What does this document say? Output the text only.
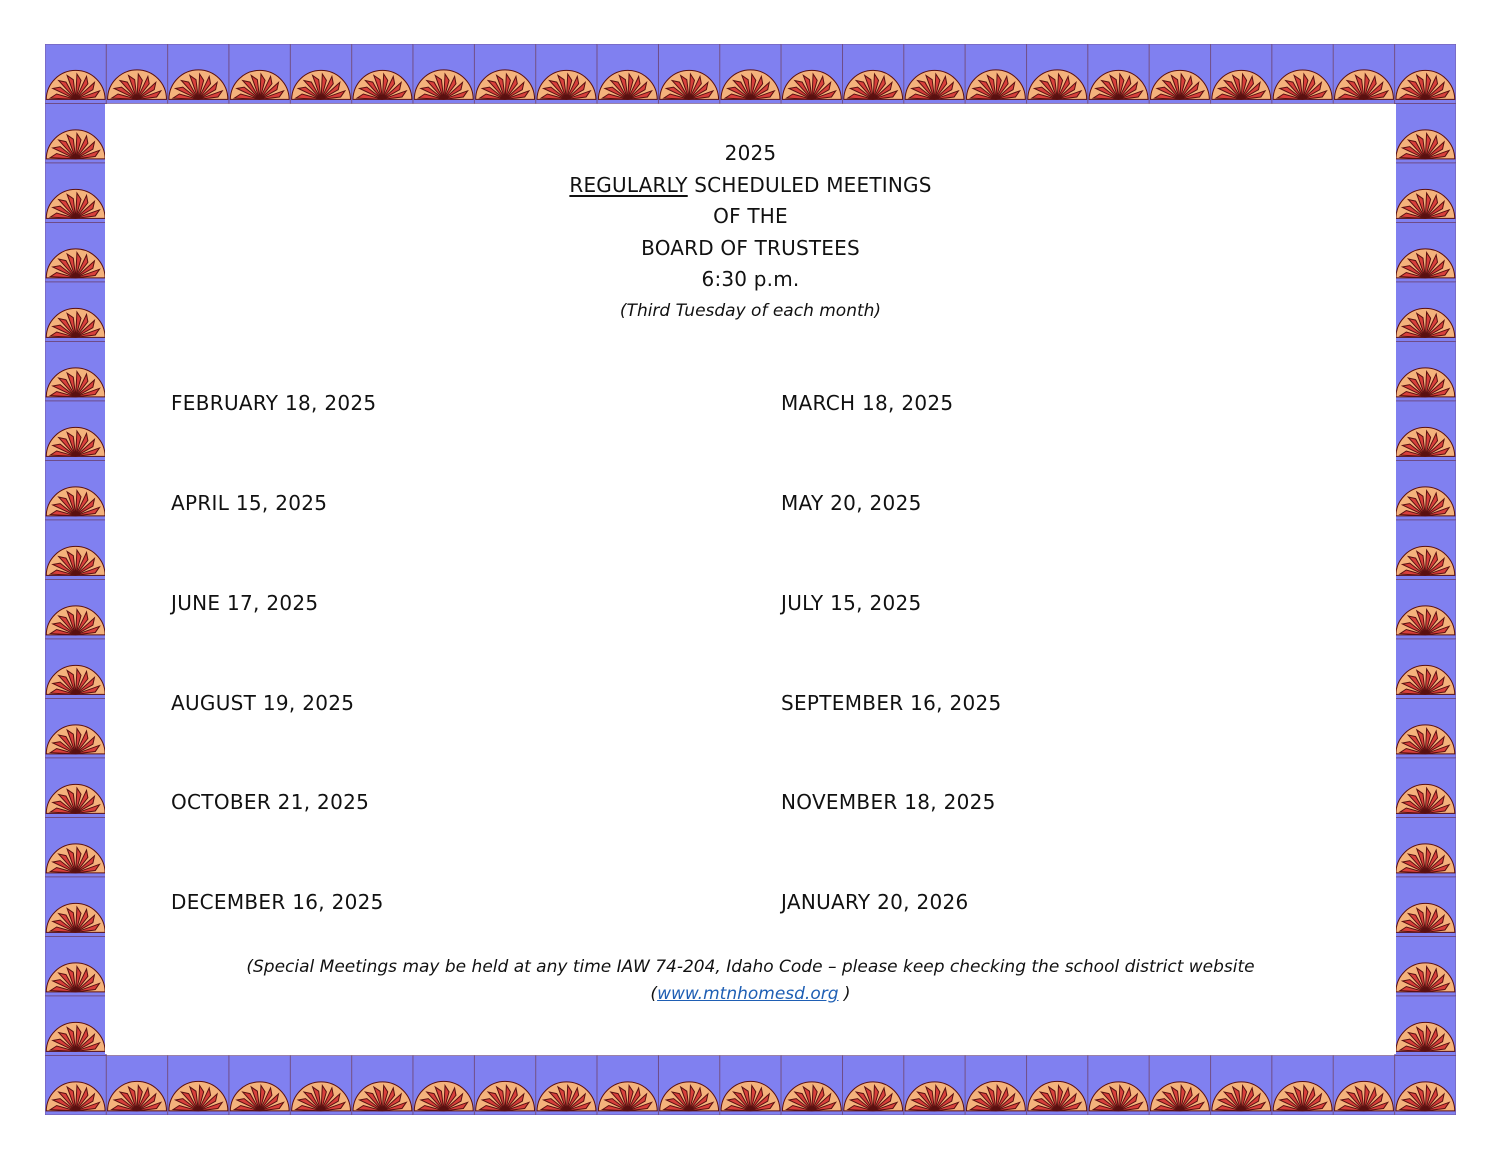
2025
REGULARLY SCHEDULED MEETINGS
OF THE
BOARD OF TRUSTEES
6:30 p.m.
(Third Tuesday of each month)
FEBRUARY 18, 2025	MARCH 18, 2025
APRIL 15, 2025	MAY 20, 2025
JUNE 17, 2025	JULY 15, 2025
AUGUST 19, 2025	SEPTEMBER 16, 2025
OCTOBER 21, 2025	NOVEMBER 18, 2025
DECEMBER 16, 2025	JANUARY 20, 2026
(Special Meetings may be held at any time IAW 74-204, Idaho Code – please keep checking the school district website
(www.mtnhomesd.org )
